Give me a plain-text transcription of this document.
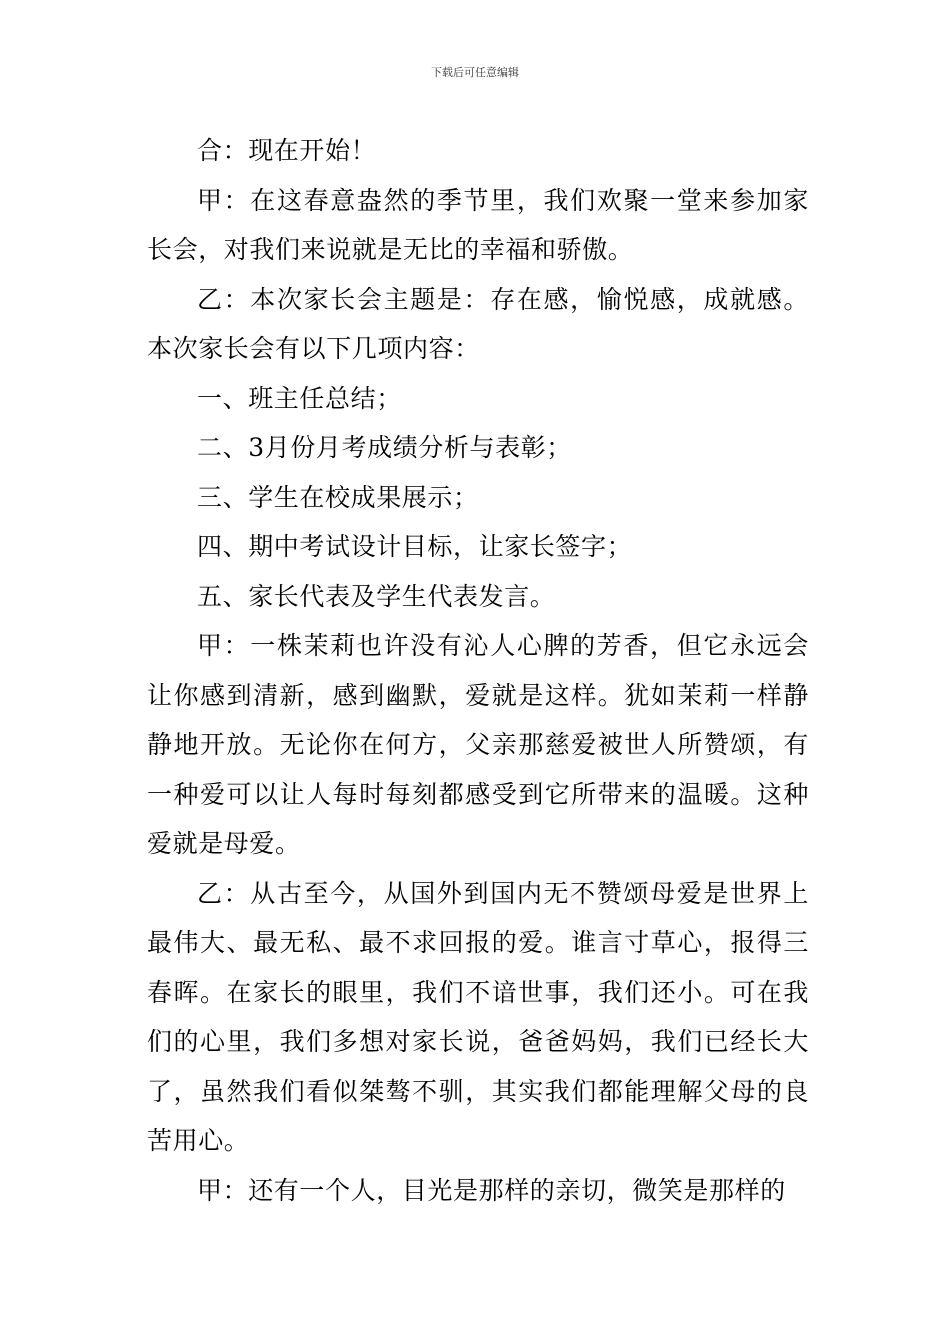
下载后可任意编辑

合：现在开始！

甲：在这春意盎然的季节里，我们欢聚一堂来参加家长会，对我们来说就是无比的幸福和骄傲。

乙：本次家长会主题是：存在感，愉悦感，成就感。本次家长会有以下几项内容：

一、班主任总结；

二、3月份月考成绩分析与表彰；

三、学生在校成果展示；

四、期中考试设计目标，让家长签字；

五、家长代表及学生代表发言。

甲：一株茉莉也许没有沁人心脾的芳香，但它永远会让你感到清新，感到幽默，爱就是这样。犹如茉莉一样静静地开放。无论你在何方，父亲那慈爱被世人所赞颂，有一种爱可以让人每时每刻都感受到它所带来的温暖。这种爱就是母爱。

乙：从古至今，从国外到国内无不赞颂母爱是世界上最伟大、最无私、最不求回报的爱。谁言寸草心，报得三春晖。在家长的眼里，我们不谙世事，我们还小。可在我们的心里，我们多想对家长说，爸爸妈妈，我们已经长大了，虽然我们看似桀骜不驯，其实我们都能理解父母的良苦用心。

甲：还有一个人，目光是那样的亲切，微笑是那样的
